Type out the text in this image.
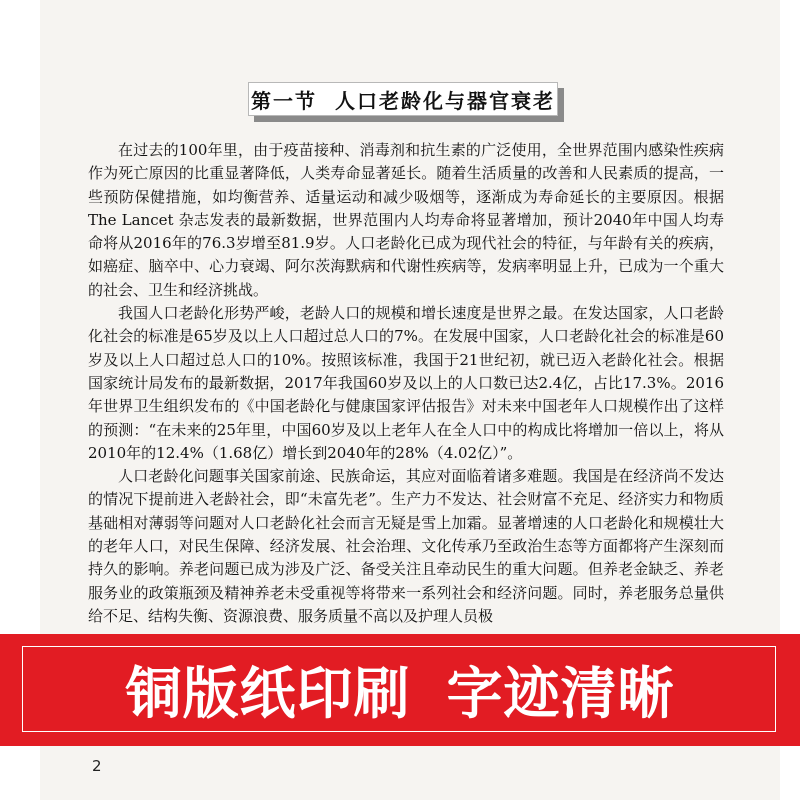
第一节 人口老龄化与器官衰老

在过去的100年里，由于疫苗接种、消毒剂和抗生素的广泛使用，全世界范围内感染性疾病作为死亡原因的比重显著降低，人类寿命显著延长。随着生活质量的改善和人民素质的提高，一些预防保健措施，如均衡营养、适量运动和减少吸烟等，逐渐成为寿命延长的主要原因。根据 The Lancet 杂志发表的最新数据，世界范围内人均寿命将显著增加，预计2040年中国人均寿命将从2016年的76.3岁增至81.9岁。人口老龄化已成为现代社会的特征，与年龄有关的疾病，如癌症、脑卒中、心力衰竭、阿尔茨海默病和代谢性疾病等，发病率明显上升，已成为一个重大的社会、卫生和经济挑战。

我国人口老龄化形势严峻，老龄人口的规模和增长速度是世界之最。在发达国家，人口老龄化社会的标准是65岁及以上人口超过总人口的7%。在发展中国家，人口老龄化社会的标准是60岁及以上人口超过总人口的10%。按照该标准，我国于21世纪初，就已迈入老龄化社会。根据国家统计局发布的最新数据，2017年我国60岁及以上的人口数已达2.4亿，占比17.3%。2016年世界卫生组织发布的《中国老龄化与健康国家评估报告》对未来中国老年人口规模作出了这样的预测：“在未来的25年里，中国60岁及以上老年人在全人口中的构成比将增加一倍以上，将从2010年的12.4%（1.68亿）增长到2040年的28%（4.02亿）”。

人口老龄化问题事关国家前途、民族命运，其应对面临着诸多难题。我国是在经济尚不发达的情况下提前进入老龄社会，即“未富先老”。生产力不发达、社会财富不充足、经济实力和物质基础相对薄弱等问题对人口老龄化社会而言无疑是雪上加霜。显著增速的人口老龄化和规模壮大的老年人口，对民生保障、经济发展、社会治理、文化传承乃至政治生态等方面都将产生深刻而持久的影响。养老问题已成为涉及广泛、备受关注且牵动民生的重大问题。但养老金缺乏、养老服务业的政策瓶颈及精神养老未受重视等将带来一系列社会和经济问题。同时，养老服务总量供给不足、结构失衡、资源浪费、服务质量不高以及护理人员极

铜版纸印刷 字迹清晰
2
